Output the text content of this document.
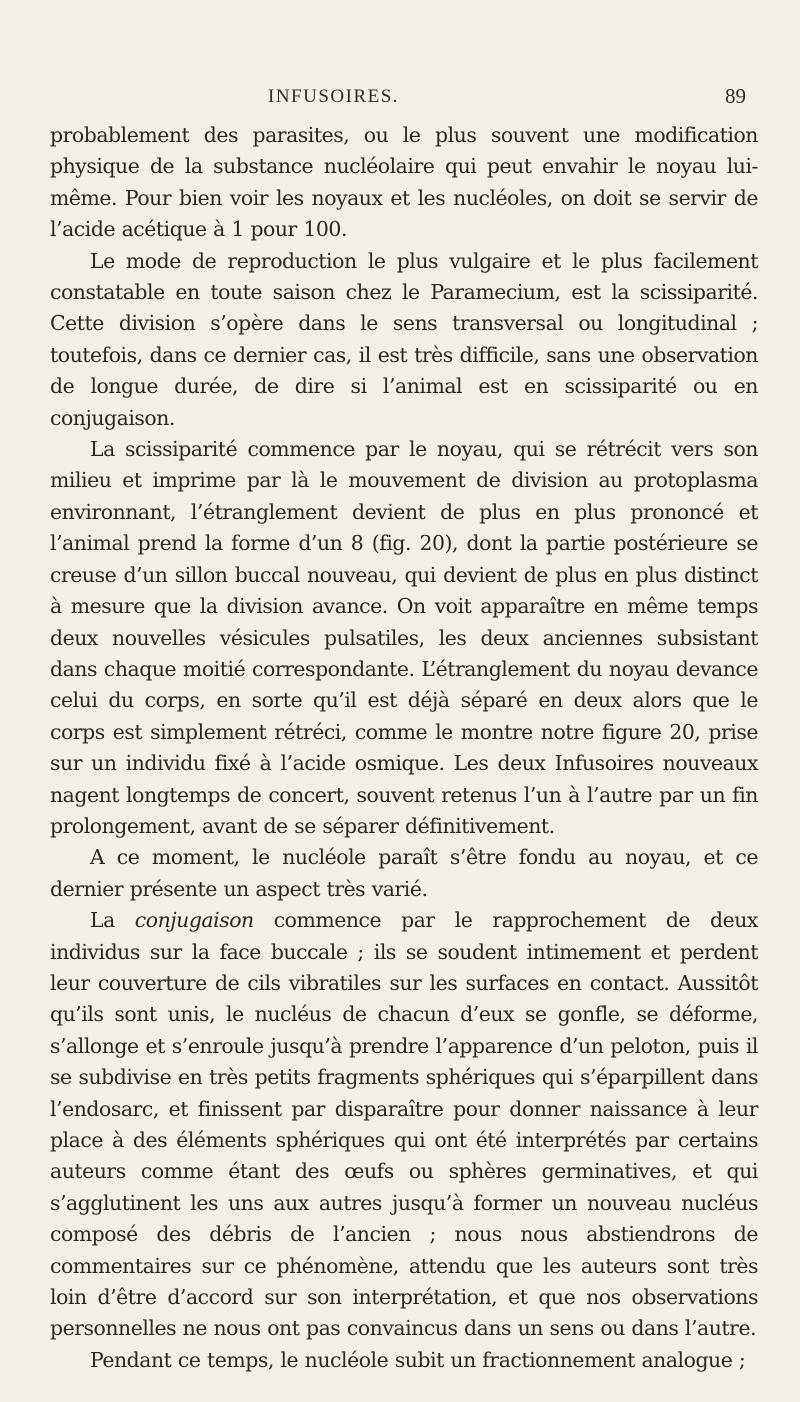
INFUSOIRES.	89

probablement des parasites, ou le plus souvent une modification physique de la substance nucléolaire qui peut envahir le noyau lui-même. Pour bien voir les noyaux et les nucléoles, on doit se servir de l’acide acétique à 1 pour 100.

Le mode de reproduction le plus vulgaire et le plus facilement constatable en toute saison chez le Paramecium, est la scissiparité. Cette division s’opère dans le sens transversal ou longitudinal ; toutefois, dans ce dernier cas, il est très difficile, sans une observation de longue durée, de dire si l’animal est en scissiparité ou en conjugaison.

La scissiparité commence par le noyau, qui se rétrécit vers son milieu et imprime par là le mouvement de division au protoplasma environnant, l’étranglement devient de plus en plus prononcé et l’animal prend la forme d’un 8 (fig. 20), dont la partie postérieure se creuse d’un sillon buccal nouveau, qui devient de plus en plus distinct à mesure que la division avance. On voit apparaître en même temps deux nouvelles vésicules pulsatiles, les deux anciennes subsistant dans chaque moitié correspondante. L’étranglement du noyau devance celui du corps, en sorte qu’il est déjà séparé en deux alors que le corps est simplement rétréci, comme le montre notre figure 20, prise sur un individu fixé à l’acide osmique. Les deux Infusoires nouveaux nagent longtemps de concert, souvent retenus l’un à l’autre par un fin prolongement, avant de se séparer définitivement.

A ce moment, le nucléole paraît s’être fondu au noyau, et ce dernier présente un aspect très varié.

La conjugaison commence par le rapprochement de deux individus sur la face buccale ; ils se soudent intimement et perdent leur couverture de cils vibratiles sur les surfaces en contact. Aussitôt qu’ils sont unis, le nucléus de chacun d’eux se gonfle, se déforme, s’allonge et s’enroule jusqu’à prendre l’apparence d’un peloton, puis il se subdivise en très petits fragments sphériques qui s’éparpillent dans l’endosarc, et finissent par disparaître pour donner naissance à leur place à des éléments sphériques qui ont été interprétés par certains auteurs comme étant des œufs ou sphères germinatives, et qui s’agglutinent les uns aux autres jusqu’à former un nouveau nucléus composé des débris de l’ancien ; nous nous abstiendrons de commentaires sur ce phénomène, attendu que les auteurs sont très loin d’être d’accord sur son interprétation, et que nos observations personnelles ne nous ont pas convaincus dans un sens ou dans l’autre.

Pendant ce temps, le nucléole subit un fractionnement analogue ;
